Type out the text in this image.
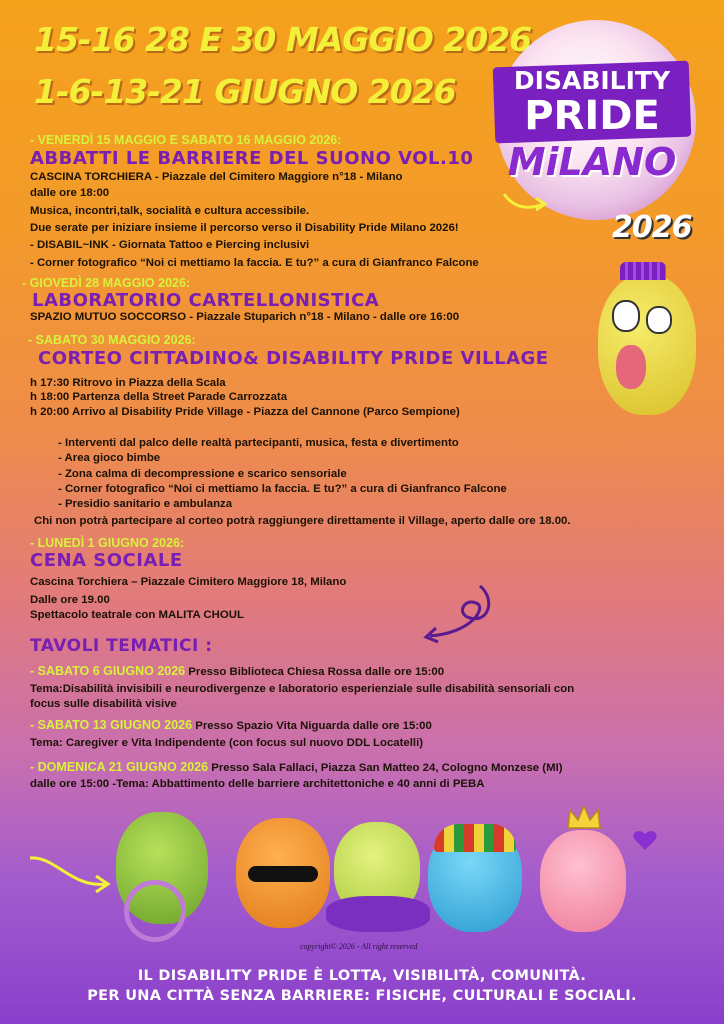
15-16 28 E 30 MAGGIO 2026
1-6-13-21 GIUGNO 2026	DISABILITY
PRIDE
MiLANO
2026
- VENERDÌ 15 MAGGIO E SABATO 16 MAGGIO 2026:
ABBATTI LE BARRIERE DEL SUONO VOL.10
CASCINA TORCHIERA - Piazzale del Cimitero Maggiore n°18 - Milano
dalle ore 18:00
Musica, incontri,talk, socialità e cultura accessibile.
Due serate per iniziare insieme il percorso verso il Disability Pride Milano 2026!
- DISABIL~INK - Giornata Tattoo e Piercing inclusivi
- Corner fotografico “Noi ci mettiamo la faccia. E tu?” a cura di Gianfranco Falcone
- GIOVEDÌ 28 MAGGIO 2026:
LABORATORIO CARTELLONISTICA
SPAZIO MUTUO SOCCORSO - Piazzale Stuparich n°18 - Milano - dalle ore 16:00
- SABATO 30 MAGGIO 2026:
CORTEO CITTADINO& DISABILITY PRIDE VILLAGE
h 17:30 Ritrovo in Piazza della Scala
h 18:00 Partenza della Street Parade Carrozzata
h 20:00 Arrivo al Disability Pride Village - Piazza del Cannone (Parco Sempione)
- Interventi dal palco delle realtà partecipanti, musica, festa e divertimento
- Area gioco bimbe
- Zona calma di decompressione e scarico sensoriale
- Corner fotografico “Noi ci mettiamo la faccia. E tu?” a cura di Gianfranco Falcone
- Presidio sanitario e ambulanza
Chi non potrà partecipare al corteo potrà raggiungere direttamente il Village, aperto dalle ore 18.00.
- LUNEDÌ 1 GIUGNO 2026:
CENA SOCIALE
Cascina Torchiera – Piazzale Cimitero Maggiore 18, Milano
Dalle ore 19.00
Spettacolo teatrale con MALITA CHOUL
TAVOLI TEMATICI :
- SABATO 6 GIUGNO 2026 Presso Biblioteca Chiesa Rossa dalle ore 15:00
Tema:Disabilità invisibili e neurodivergenze e laboratorio esperienziale sulle disabilità sensoriali con
focus sulle disabilità visive
- SABATO 13 GIUGNO 2026 Presso Spazio Vita Niguarda dalle ore 15:00
Tema: Caregiver e Vita Indipendente (con focus sul nuovo DDL Locatelli)
- DOMENICA 21 GIUGNO 2026 Presso Sala Fallaci, Piazza San Matteo 24, Cologno Monzese (MI)
dalle ore 15:00 -Tema: Abbattimento delle barriere architettoniche e 40 anni di PEBA
copyright© 2026 - All right reserved
IL DISABILITY PRIDE È LOTTA, VISIBILITÀ, COMUNITÀ.
PER UNA CITTÀ SENZA BARRIERE: FISICHE, CULTURALI E SOCIALI.
